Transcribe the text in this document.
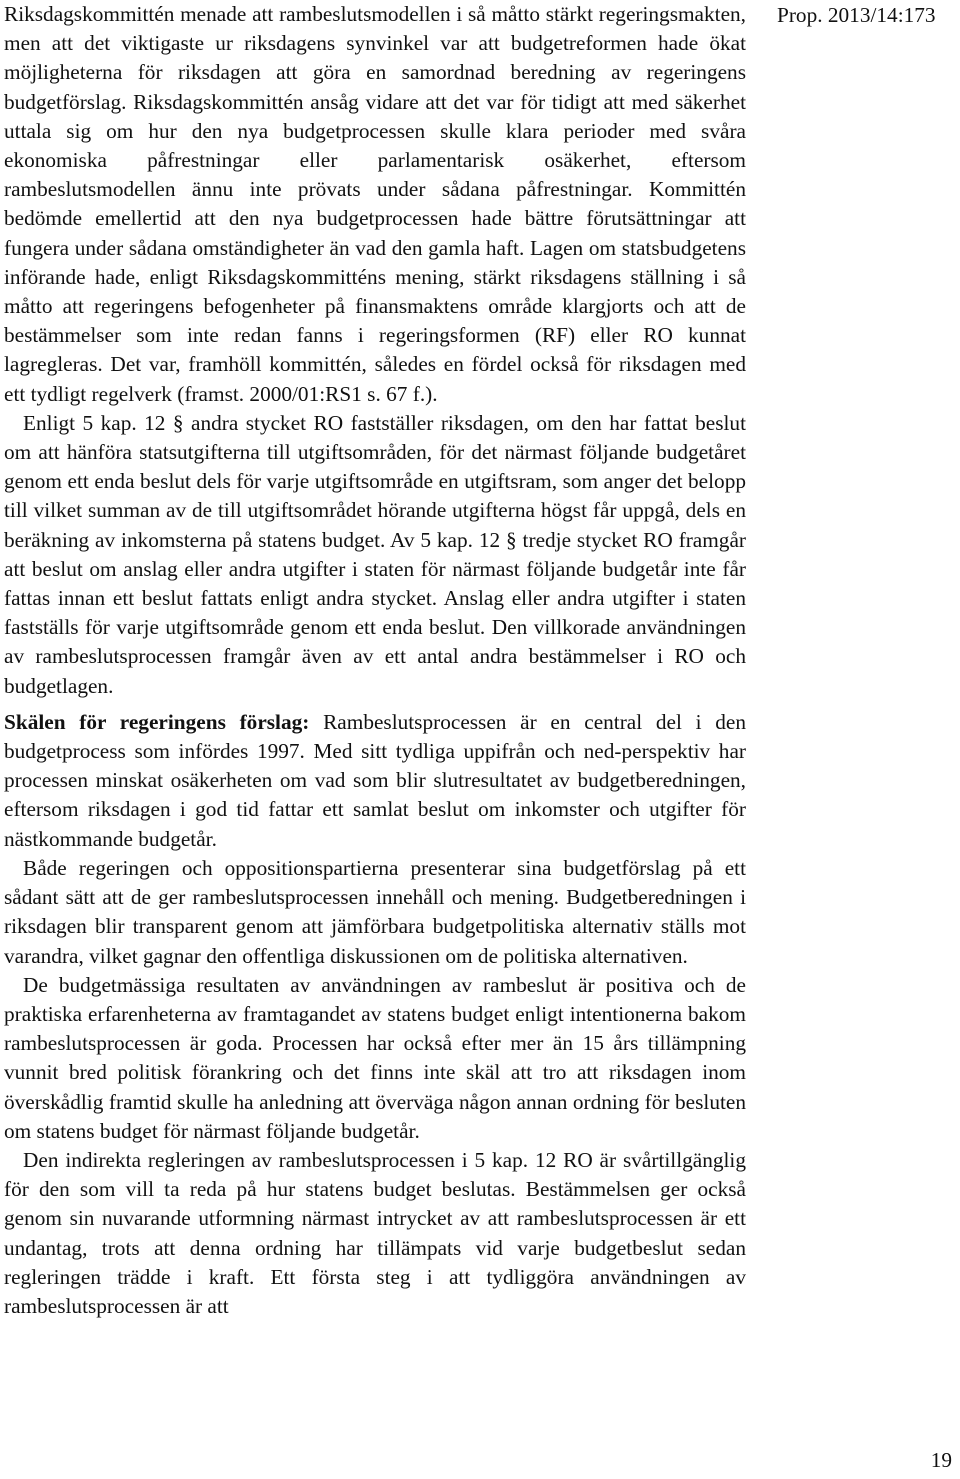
Prop. 2013/14:173

Riksdagskommittén menade att rambeslutsmodellen i så måtto stärkt regeringsmakten, men att det viktigaste ur riksdagens synvinkel var att budgetreformen hade ökat möjligheterna för riksdagen att göra en samordnad beredning av regeringens budgetförslag. Riksdagskommittén ansåg vidare att det var för tidigt att med säkerhet uttala sig om hur den nya budgetprocessen skulle klara perioder med svåra ekonomiska påfrestningar eller parlamentarisk osäkerhet, eftersom rambeslutsmodellen ännu inte prövats under sådana påfrestningar. Kommittén bedömde emellertid att den nya budgetprocessen hade bättre förutsättningar att fungera under sådana omständigheter än vad den gamla haft. Lagen om statsbudgetens införande hade, enligt Riksdagskommitténs mening, stärkt riksdagens ställning i så måtto att regeringens befogenheter på finansmaktens område klargjorts och att de bestämmelser som inte redan fanns i regeringsformen (RF) eller RO kunnat lagregleras. Det var, framhöll kommittén, således en fördel också för riksdagen med ett tydligt regelverk (framst. 2000/01:RS1 s. 67 f.).

Enligt 5 kap. 12 § andra stycket RO fastställer riksdagen, om den har fattat beslut om att hänföra statsutgifterna till utgiftsområden, för det närmast följande budgetåret genom ett enda beslut dels för varje utgiftsområde en utgiftsram, som anger det belopp till vilket summan av de till utgiftsområdet hörande utgifterna högst får uppgå, dels en beräkning av inkomsterna på statens budget. Av 5 kap. 12 § tredje stycket RO framgår att beslut om anslag eller andra utgifter i staten för närmast följande budgetår inte får fattas innan ett beslut fattats enligt andra stycket. Anslag eller andra utgifter i staten fastställs för varje utgiftsområde genom ett enda beslut. Den villkorade användningen av rambeslutsprocessen framgår även av ett antal andra bestämmelser i RO och budgetlagen.

Skälen för regeringens förslag: Rambeslutsprocessen är en central del i den budgetprocess som infördes 1997. Med sitt tydliga uppifrån och ned-perspektiv har processen minskat osäkerheten om vad som blir slutresultatet av budgetberedningen, eftersom riksdagen i god tid fattar ett samlat beslut om inkomster och utgifter för nästkommande budgetår.

Både regeringen och oppositionspartierna presenterar sina budgetförslag på ett sådant sätt att de ger rambeslutsprocessen innehåll och mening. Budgetberedningen i riksdagen blir transparent genom att jämförbara budgetpolitiska alternativ ställs mot varandra, vilket gagnar den offentliga diskussionen om de politiska alternativen.

De budgetmässiga resultaten av användningen av rambeslut är positiva och de praktiska erfarenheterna av framtagandet av statens budget enligt intentionerna bakom rambeslutsprocessen är goda. Processen har också efter mer än 15 års tillämpning vunnit bred politisk förankring och det finns inte skäl att tro att riksdagen inom överskådlig framtid skulle ha anledning att överväga någon annan ordning för besluten om statens budget för närmast följande budgetår.

Den indirekta regleringen av rambeslutsprocessen i 5 kap. 12 RO är svårtillgänglig för den som vill ta reda på hur statens budget beslutas. Bestämmelsen ger också genom sin nuvarande utformning närmast intrycket av att rambeslutsprocessen är ett undantag, trots att denna ordning har tillämpats vid varje budgetbeslut sedan regleringen trädde i kraft. Ett första steg i att tydliggöra användningen av rambeslutsprocessen är att

19
